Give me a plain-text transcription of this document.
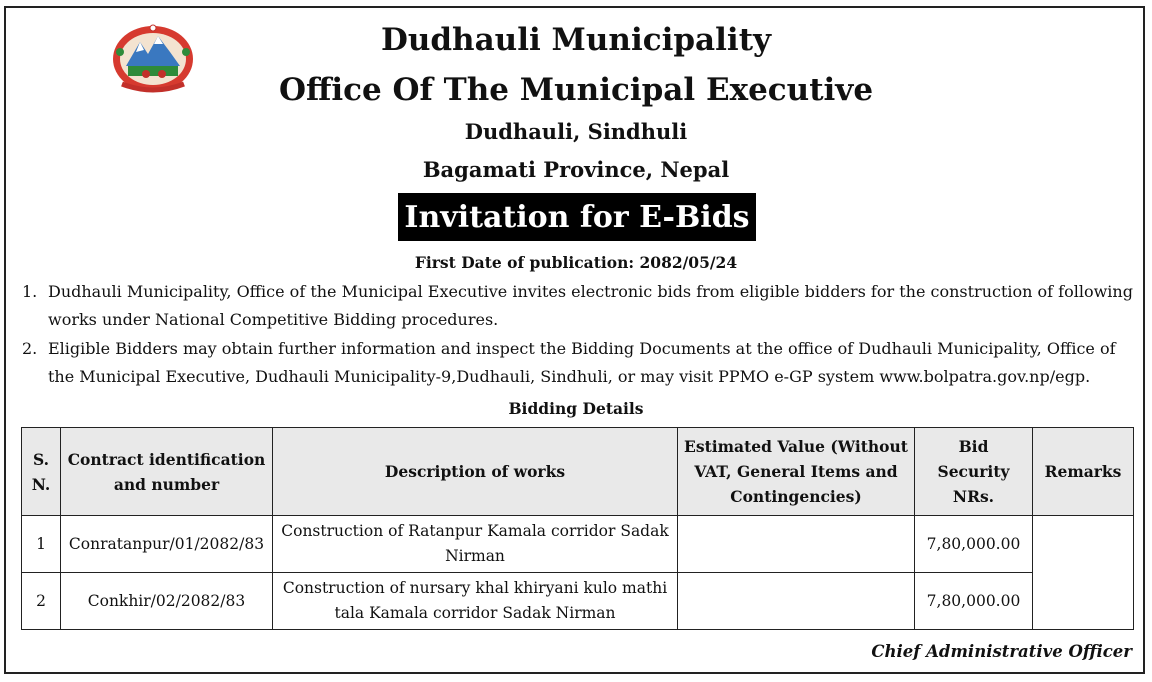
Dudhauli Municipality
Office Of The Municipal Executive
Dudhauli, Sindhuli
Bagamati Province, Nepal
Invitation for E-Bids
First Date of publication: 2082/05/24
1. Dudhauli Municipality, Office of the Municipal Executive invites electronic bids from eligible bidders for the construction of following works under National Competitive Bidding procedures.
2. Eligible Bidders may obtain further information and inspect the Bidding Documents at the office of Dudhauli Municipality, Office of the Municipal Executive, Dudhauli Municipality-9,Dudhauli, Sindhuli, or may visit PPMO e-GP system www.bolpatra.gov.np/egp.
Bidding Details
S. N.	Contract identification and number	Description of works	Estimated Value (Without VAT, General Items and Contingencies)	Bid Security NRs.	Remarks
1	Conratanpur/01/2082/83	Construction of Ratanpur Kamala corridor Sadak Nirman		7,80,000.00	
2	Conkhir/02/2082/83	Construction of nursary khal khiryani kulo mathi tala Kamala corridor Sadak Nirman		7,80,000.00	
Chief Administrative Officer
